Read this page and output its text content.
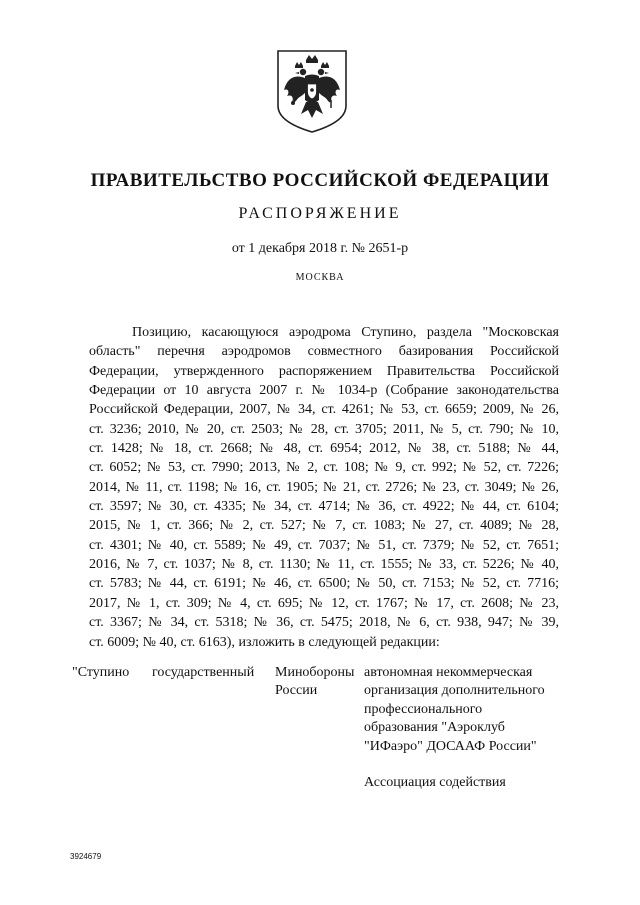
ПРАВИТЕЛЬСТВО РОССИЙСКОЙ ФЕДЕРАЦИИ
РАСПОРЯЖЕНИЕ
от 1 декабря 2018 г. № 2651-р
МОСКВА
Позицию, касающуюся аэродрома Ступино, раздела "Московская
область" перечня аэродромов совместного базирования Российской
Федерации, утвержденного распоряжением Правительства Российской
Федерации от 10 августа 2007 г. № 1034-р (Собрание законодательства
Российской Федерации, 2007, № 34, ст. 4261; № 53, ст. 6659; 2009, № 26,
ст. 3236; 2010, № 20, ст. 2503; № 28, ст. 3705; 2011, № 5, ст. 790; № 10,
ст. 1428; № 18, ст. 2668; № 48, ст. 6954; 2012, № 38, ст. 5188; № 44,
ст. 6052; № 53, ст. 7990; 2013, № 2, ст. 108; № 9, ст. 992; № 52, ст. 7226;
2014, № 11, ст. 1198; № 16, ст. 1905; № 21, ст. 2726; № 23, ст. 3049; № 26,
ст. 3597; № 30, ст. 4335; № 34, ст. 4714; № 36, ст. 4922; № 44, ст. 6104;
2015, № 1, ст. 366; № 2, ст. 527; № 7, ст. 1083; № 27, ст. 4089; № 28,
ст. 4301; № 40, ст. 5589; № 49, ст. 7037; № 51, ст. 7379; № 52, ст. 7651;
2016, № 7, ст. 1037; № 8, ст. 1130; № 11, ст. 1555; № 33, ст. 5226; № 40,
ст. 5783; № 44, ст. 6191; № 46, ст. 6500; № 50, ст. 7153; № 52, ст. 7716;
2017, № 1, ст. 309; № 4, ст. 695; № 12, ст. 1767; № 17, ст. 2608; № 23,
ст. 3367; № 34, ст. 5318; № 36, ст. 5475; 2018, № 6, ст. 938, 947; № 39,
ст. 6009; № 40, ст. 6163), изложить в следующей редакции:
"Ступино	государственный	Минобороны
России
автономная некоммерческая
организация дополнительного
профессионального
образования "Аэроклуб
"ИФаэро" ДОСААФ России"
Ассоциация содействия
3924679
